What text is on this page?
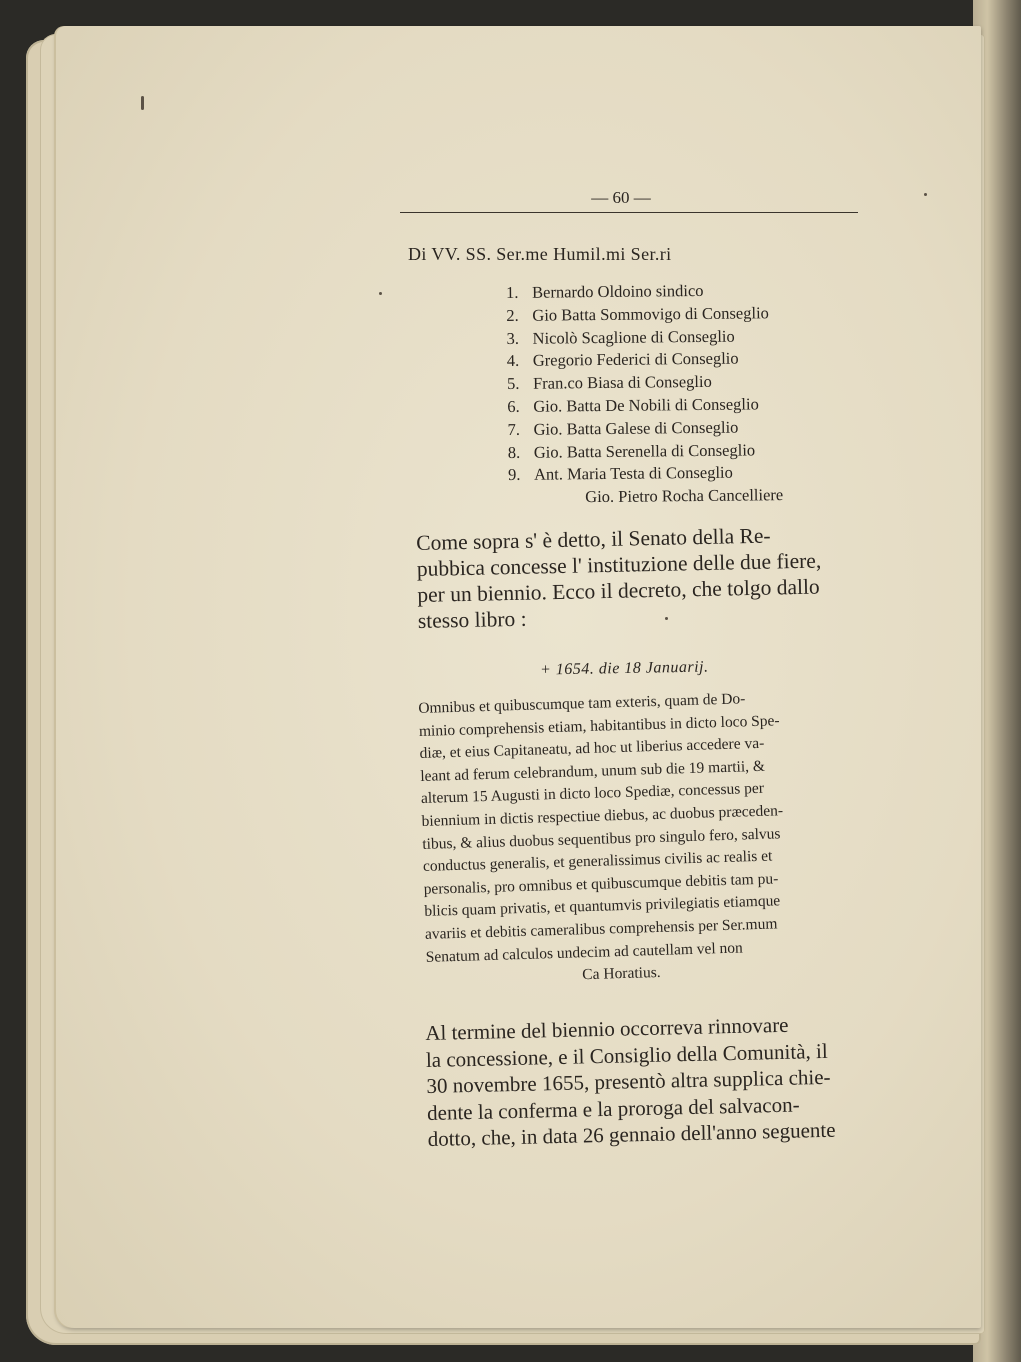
— 60 —
Di VV. SS. Ser.me Humil.mi Ser.ri
1. Bernardo Oldoino sindico
2. Gio Batta Sommovigo di Conseglio
3. Nicolò Scaglione di Conseglio
4. Gregorio Federici di Conseglio
5. Fran.co Biasa di Conseglio
6. Gio. Batta De Nobili di Conseglio
7. Gio. Batta Galese di Conseglio
8. Gio. Batta Serenella di Conseglio
9. Ant. Maria Testa di Conseglio
Gio. Pietro Rocha Cancelliere
Come sopra s' è detto, il Senato della Re-
pubbica concesse l' instituzione delle due fiere,
per un biennio. Ecco il decreto, che tolgo dallo
stesso libro :
+ 1654. die 18 Januarij.
Omnibus et quibuscumque tam exteris, quam de Do-
minio comprehensis etiam, habitantibus in dicto loco Spe-
diæ, et eius Capitaneatu, ad hoc ut liberius accedere va-
leant ad ferum celebrandum, unum sub die 19 martii, &
alterum 15 Augusti in dicto loco Spediæ, concessus per
biennium in dictis respectiue diebus, ac duobus præceden-
tibus, & alius duobus sequentibus pro singulo fero, salvus
conductus generalis, et generalissimus civilis ac realis et
personalis, pro omnibus et quibuscumque debitis tam pu-
blicis quam privatis, et quantumvis privilegiatis etiamque
avariis et debitis cameralibus comprehensis per Ser.mum
Senatum ad calculos undecim ad cautellam vel non
Ca Horatius.
Al termine del biennio occorreva rinnovare
la concessione, e il Consiglio della Comunità, il
30 novembre 1655, presentò altra supplica chie-
dente la conferma e la proroga del salvacon-
dotto, che, in data 26 gennaio dell'anno seguente
